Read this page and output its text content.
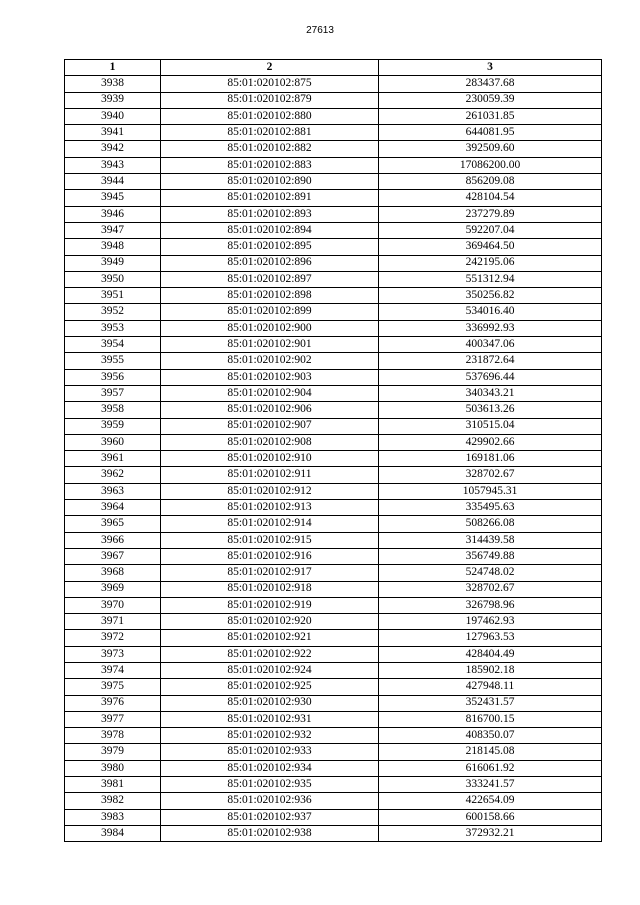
27613
1	2	3
3938	85:01:020102:875	283437.68
3939	85:01:020102:879	230059.39
3940	85:01:020102:880	261031.85
3941	85:01:020102:881	644081.95
3942	85:01:020102:882	392509.60
3943	85:01:020102:883	17086200.00
3944	85:01:020102:890	856209.08
3945	85:01:020102:891	428104.54
3946	85:01:020102:893	237279.89
3947	85:01:020102:894	592207.04
3948	85:01:020102:895	369464.50
3949	85:01:020102:896	242195.06
3950	85:01:020102:897	551312.94
3951	85:01:020102:898	350256.82
3952	85:01:020102:899	534016.40
3953	85:01:020102:900	336992.93
3954	85:01:020102:901	400347.06
3955	85:01:020102:902	231872.64
3956	85:01:020102:903	537696.44
3957	85:01:020102:904	340343.21
3958	85:01:020102:906	503613.26
3959	85:01:020102:907	310515.04
3960	85:01:020102:908	429902.66
3961	85:01:020102:910	169181.06
3962	85:01:020102:911	328702.67
3963	85:01:020102:912	1057945.31
3964	85:01:020102:913	335495.63
3965	85:01:020102:914	508266.08
3966	85:01:020102:915	314439.58
3967	85:01:020102:916	356749.88
3968	85:01:020102:917	524748.02
3969	85:01:020102:918	328702.67
3970	85:01:020102:919	326798.96
3971	85:01:020102:920	197462.93
3972	85:01:020102:921	127963.53
3973	85:01:020102:922	428404.49
3974	85:01:020102:924	185902.18
3975	85:01:020102:925	427948.11
3976	85:01:020102:930	352431.57
3977	85:01:020102:931	816700.15
3978	85:01:020102:932	408350.07
3979	85:01:020102:933	218145.08
3980	85:01:020102:934	616061.92
3981	85:01:020102:935	333241.57
3982	85:01:020102:936	422654.09
3983	85:01:020102:937	600158.66
3984	85:01:020102:938	372932.21
